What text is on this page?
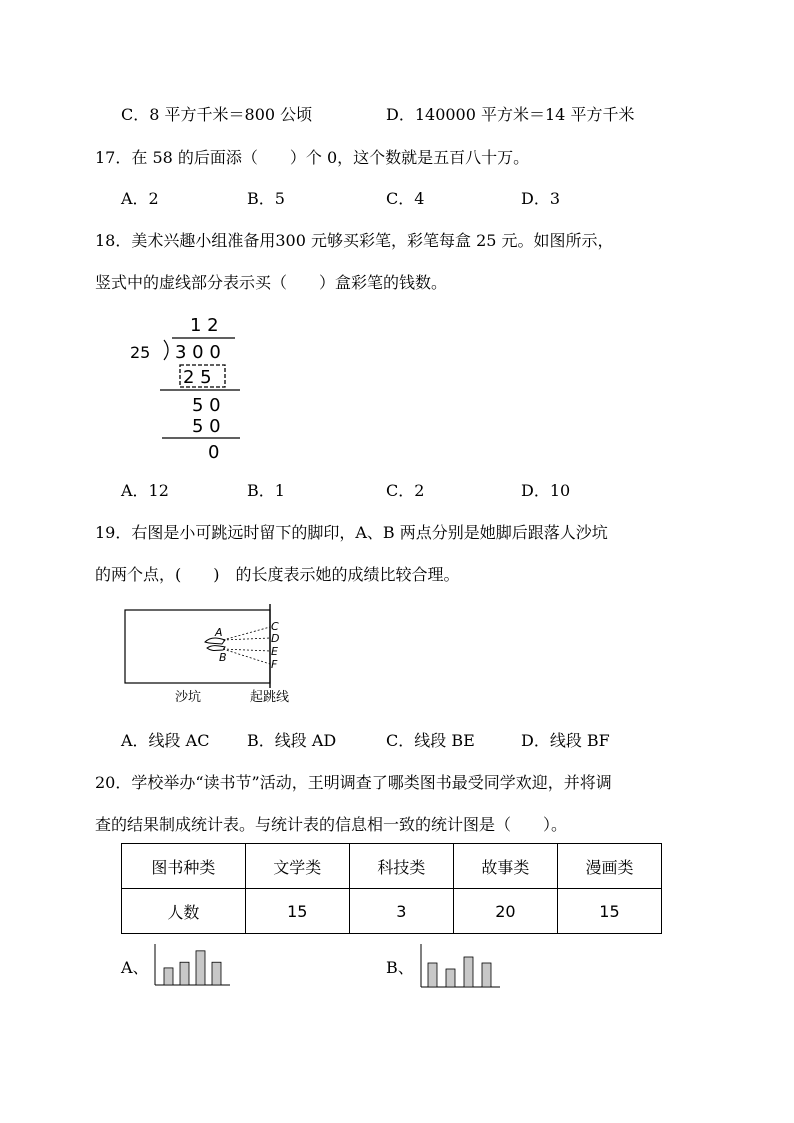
C．8 平方千米＝800 公顷	D．140000 平方米＝14 平方千米
17．在 58 的后面添（　　）个 0，这个数就是五百八十万。
A．2	B．5	C．4	D．3
18．美术兴趣小组准备用300 元够买彩笔，彩笔每盒 25 元。如图所示，
竖式中的虚线部分表示买（　　）盒彩笔的钱数。
1 2
25 3 0 0
2 5
5 0
5 0
0
A．12	B．1	C．2	D．10
19．右图是小可跳远时留下的脚印，A、B 两点分别是她脚后跟落人沙坑
的两个点，(　　)　的长度表示她的成绩比较合理。
A
B
C
D
E
F
沙坑	起跳线
A．线段 AC B．线段 AD	C．线段 BE	D．线段 BF
20．学校举办“读书节”活动，王明调查了哪类图书最受同学欢迎，并将调
查的结果制成统计表。与统计表的信息相一致的统计图是（　　）。
图书种类	文学类	科技类	故事类	漫画类
人数	15	3	20	15
A、	B、
